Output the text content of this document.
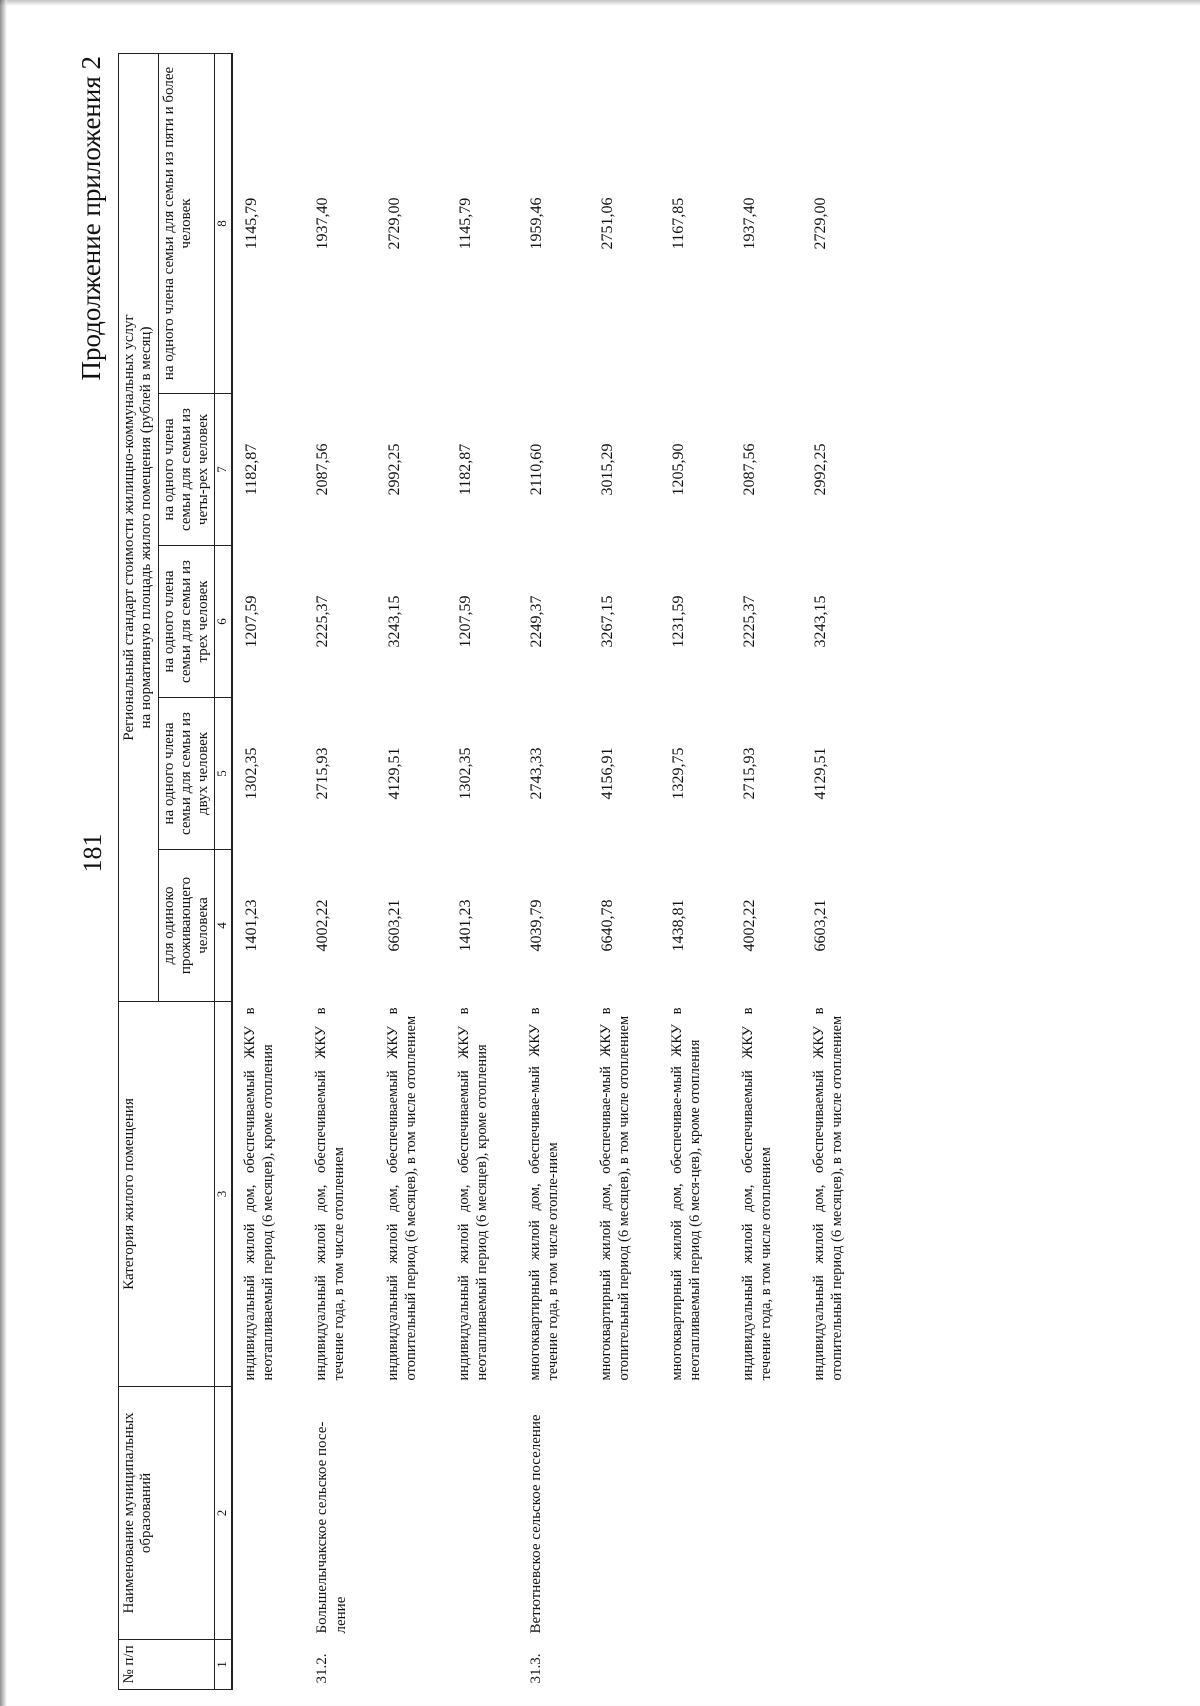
181
Продолжение приложения 2
№ п/п	Наименование муниципальных образований	Категория жилого помещения	Региональный стандарт стоимости жилищно-коммунальных услуг на нормативную площадь жилого помещения (рублей в месяц)				

			для одиноко проживающего человека	на одного члена семьи для семьи из двух человек	на одного члена семьи для семьи из трех человек	на одного члена семьи для семьи из четы-рех человек	на одного члена семьи для семьи из пяти и более человек
1	2	3	4	5	6	7	8
		индивидуальный жилой дом, обеспечиваемый ЖКУ в неотапливаемый период (6 месяцев), кроме отопления	1401,23	1302,35	1207,59	1182,87	1145,79
31.2.	Большелычакское сельское посе-ление	индивидуальный жилой дом, обеспечиваемый ЖКУ в течение года, в том числе отоплением	4002,22	2715,93	2225,37	2087,56	1937,40
		индивидуальный жилой дом, обеспечиваемый ЖКУ в отопительный период (6 месяцев), в том числе отоплением	6603,21	4129,51	3243,15	2992,25	2729,00
		индивидуальный жилой дом, обеспечиваемый ЖКУ в неотапливаемый период (6 месяцев), кроме отопления	1401,23	1302,35	1207,59	1182,87	1145,79
31.3.	Ветютневское сельское поселение	многоквартирный жилой дом, обеспечивае-мый ЖКУ в течение года, в том числе отопле-нием	4039,79	2743,33	2249,37	2110,60	1959,46
		многоквартирный жилой дом, обеспечивае-мый ЖКУ в отопительный период (6 месяцев), в том числе отоплением	6640,78	4156,91	3267,15	3015,29	2751,06
		многоквартирный жилой дом, обеспечивае-мый ЖКУ в неотапливаемый период (6 меся-цев), кроме отопления	1438,81	1329,75	1231,59	1205,90	1167,85
		индивидуальный жилой дом, обеспечиваемый ЖКУ в течение года, в том числе отоплением	4002,22	2715,93	2225,37	2087,56	1937,40
		индивидуальный жилой дом, обеспечиваемый ЖКУ в отопительный период (6 месяцев), в том числе отоплением	6603,21	4129,51	3243,15	2992,25	2729,00
